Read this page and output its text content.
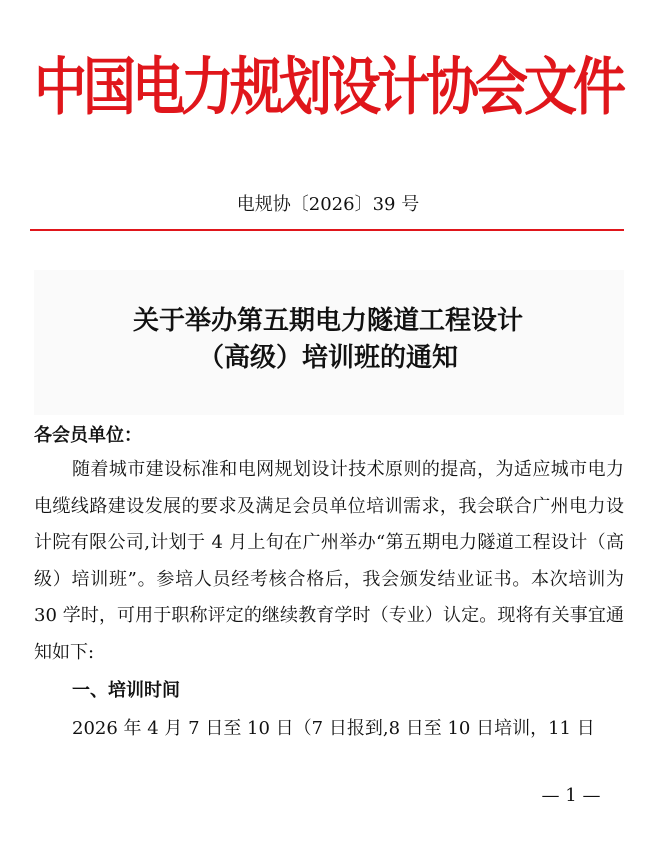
中国电力规划设计协会文件
电规协〔2026〕39 号
关于举办第五期电力隧道工程设计
（高级）培训班的通知
各会员单位：

随着城市建设标准和电网规划设计技术原则的提高，为适应城市电力电缆线路建设发展的要求及满足会员单位培训需求，我会联合广州电力设计院有限公司,计划于 4 月上旬在广州举办“第五期电力隧道工程设计（高级）培训班”。参培人员经考核合格后，我会颁发结业证书。本次培训为 30 学时，可用于职称评定的继续教育学时（专业）认定。现将有关事宜通知如下:

一、培训时间
2026 年 4 月 7 日至 10 日（7 日报到,8 日至 10 日培训，11 日
— 1 —
